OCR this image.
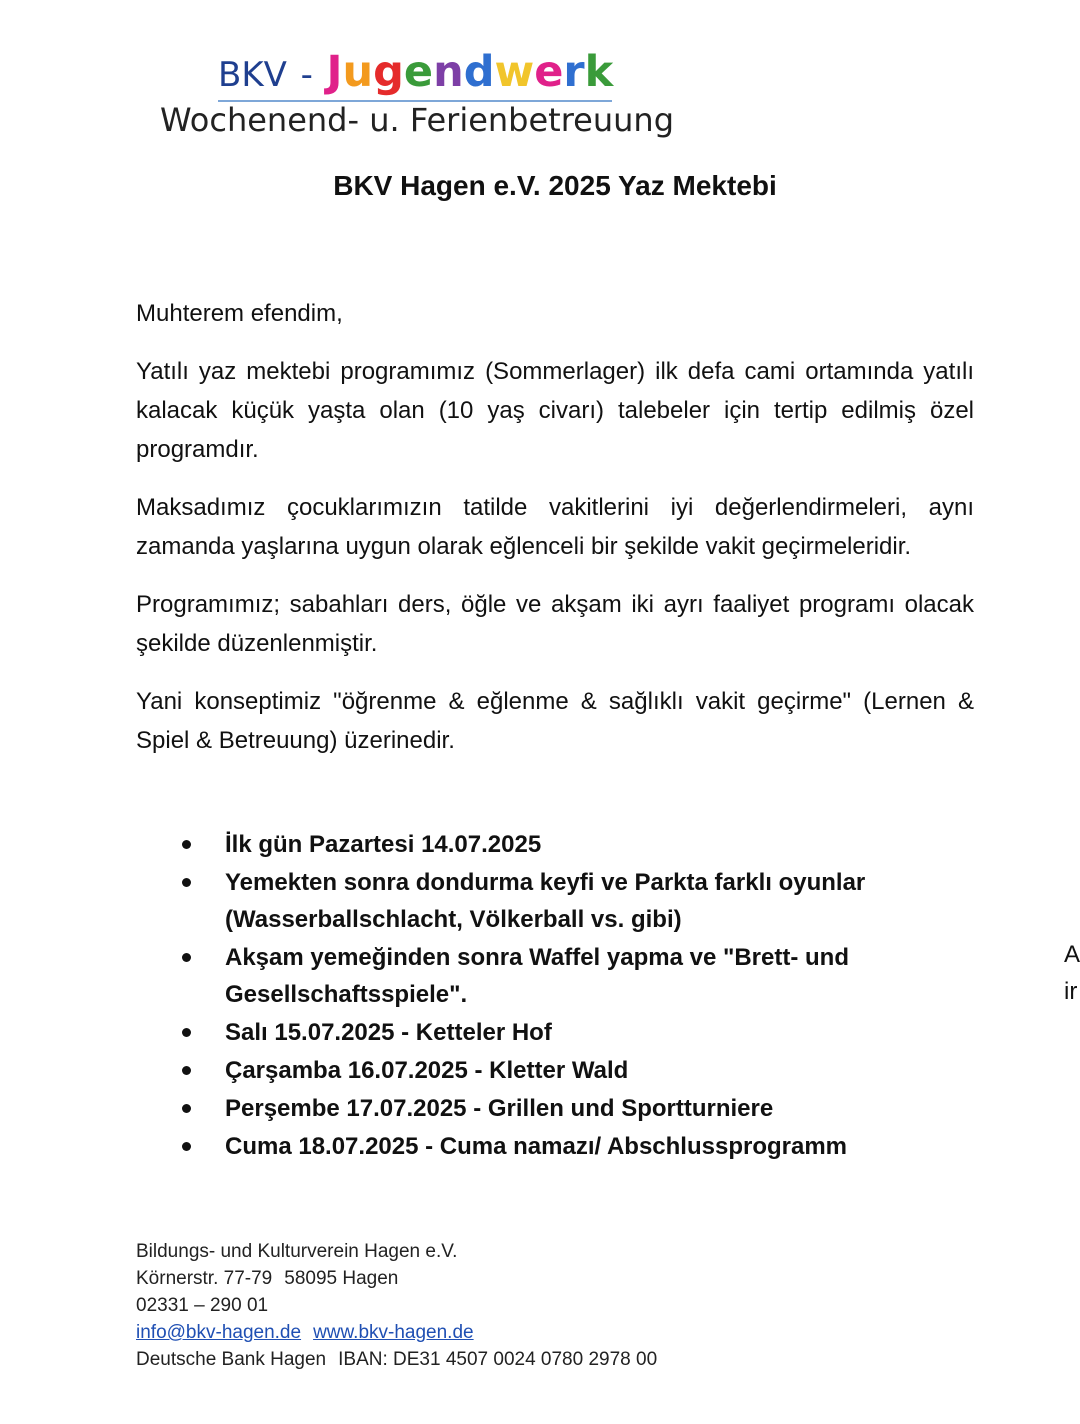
BKV - Jugendwerk
Wochenend- u. Ferienbetreuung
BKV Hagen e.V. 2025 Yaz Mektebi

Muhterem efendim,

Yatılı yaz mektebi programımız (Sommerlager) ilk defa cami ortamında yatılı kalacak küçük yaşta olan (10 yaş civarı) talebeler için tertip edilmiş özel programdır.

Maksadımız çocuklarımızın tatilde vakitlerini iyi değerlendirmeleri, aynı zamanda yaşlarına uygun olarak eğlenceli bir şekilde vakit geçirmeleridir.

Programımız; sabahları ders, öğle ve akşam iki ayrı faaliyet programı olacak şekilde düzenlenmiştir.

Yani konseptimiz "öğrenme & eğlenme & sağlıklı vakit geçirme" (Lernen & Spiel & Betreuung) üzerinedir.

İlk gün Pazartesi 14.07.2025
Yemekten sonra dondurma keyfi ve Parkta farklı oyunlar (Wasserballschlacht, Völkerball vs. gibi)
Akşam yemeğinden sonra Waffel yapma ve "Brett- und Gesellschaftsspiele".
Salı 15.07.2025 - Ketteler Hof
Çarşamba 16.07.2025 - Kletter Wald
Perşembe 17.07.2025 - Grillen und Sportturniere
Cuma 18.07.2025 - Cuma namazı/ Abschlussprogramm
A
ir
Bildungs- und Kulturverein Hagen e.V.
Körnerstr. 77-79 58095 Hagen
02331 – 290 01
info@bkv-hagen.de www.bkv-hagen.de
Deutsche Bank Hagen IBAN: DE31 4507 0024 0780 2978 00
